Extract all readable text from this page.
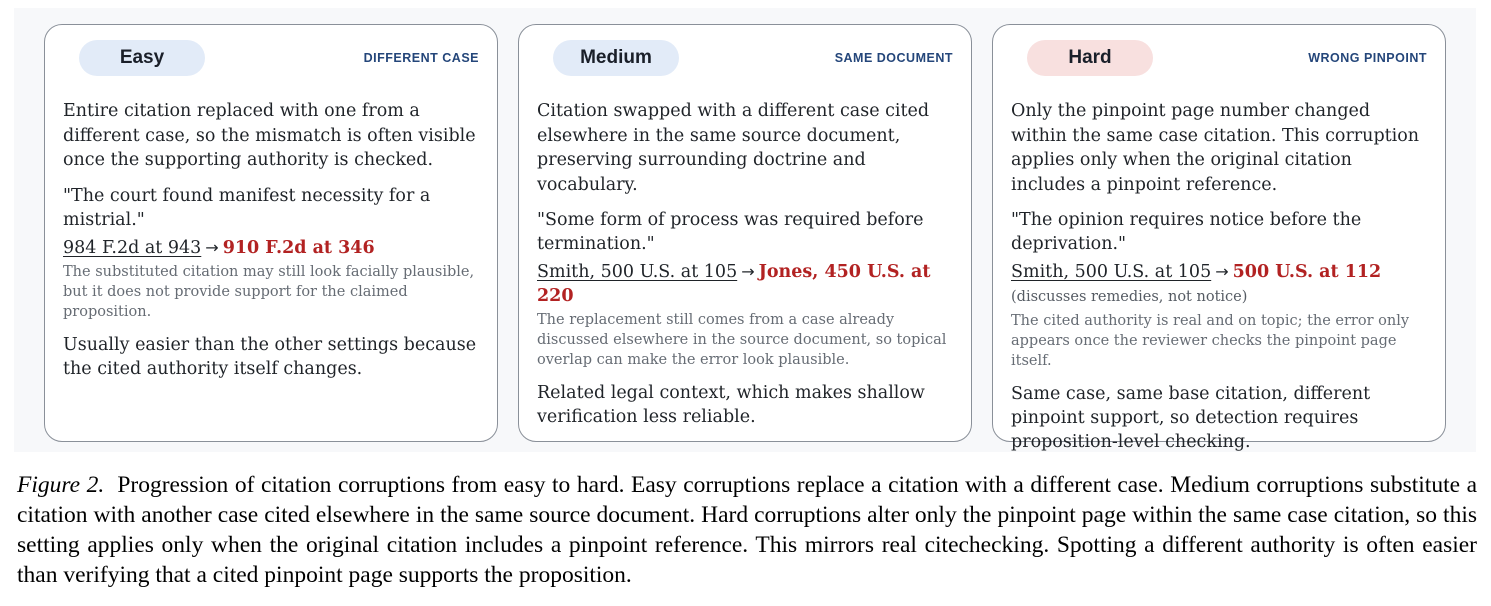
Easy	DIFFERENT CASE

Entire citation replaced with one from a different case, so the mismatch is often visible once the supporting authority is checked.

"The court found manifest necessity for a mistrial."

984 F.2d at 943 → 910 F.2d at 346

The substituted citation may still look facially plausible, but it does not provide support for the claimed proposition.

Usually easier than the other settings because the cited authority itself changes.

Medium	SAME DOCUMENT

Citation swapped with a different case cited elsewhere in the same source document, preserving surrounding doctrine and vocabulary.

"Some form of process was required before termination."

Smith, 500 U.S. at 105 → Jones, 450 U.S. at 220

The replacement still comes from a case already discussed elsewhere in the source document, so topical overlap can make the error look plausible.

Related legal context, which makes shallow verification less reliable.

Hard	WRONG PINPOINT

Only the pinpoint page number changed within the same case citation. This corruption applies only when the original citation includes a pinpoint reference.

"The opinion requires notice before the deprivation."

Smith, 500 U.S. at 105 → 500 U.S. at 112 (discusses remedies, not notice)

The cited authority is real and on topic; the error only appears once the reviewer checks the pinpoint page itself.

Same case, same base citation, different pinpoint support, so detection requires proposition-level checking.

Figure 2. Progression of citation corruptions from easy to hard. Easy corruptions replace a citation with a different case. Medium corruptions substitute a citation with another case cited elsewhere in the same source document. Hard corruptions alter only the pinpoint page within the same case citation, so this setting applies only when the original citation includes a pinpoint reference. This mirrors real citechecking. Spotting a different authority is often easier than verifying that a cited pinpoint page supports the proposition.
